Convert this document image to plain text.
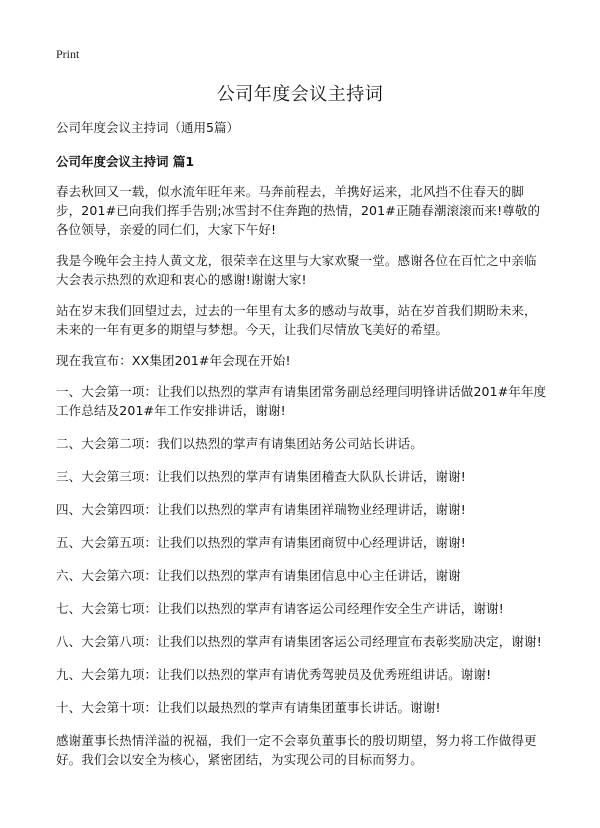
Print
公司年度会议主持词

公司年度会议主持词（通用5篇）

公司年度会议主持词 篇1

春去秋回又一载，似水流年旺年来。马奔前程去，羊携好运来，北风挡不住春天的脚步，201#已向我们挥手告别;冰雪封不住奔跑的热情，201#正随春潮滚滚而来!尊敬的各位领导，亲爱的同仁们，大家下午好!

我是今晚年会主持人黄文龙，很荣幸在这里与大家欢聚一堂。感谢各位在百忙之中亲临大会表示热烈的欢迎和衷心的感谢!谢谢大家!

站在岁末我们回望过去，过去的一年里有太多的感动与故事，站在岁首我们期盼未来，未来的一年有更多的期望与梦想。今天，让我们尽情放飞美好的希望。

现在我宣布：XX集团201#年会现在开始!

一、大会第一项：让我们以热烈的掌声有请集团常务副总经理闫明锋讲话做201#年年度工作总结及201#年工作安排讲话，谢谢!

二、大会第二项：我们以热烈的掌声有请集团站务公司站长讲话。

三、大会第三项：让我们以热烈的掌声有请集团稽查大队队长讲话，谢谢!

四、大会第四项：让我们以热烈的掌声有请集团祥瑞物业经理讲话，谢谢!

五、大会第五项：让我们以热烈的掌声有请集团商贸中心经理讲话，谢谢!

六、大会第六项：让我们以热烈的掌声有请集团信息中心主任讲话，谢谢

七、大会第七项：让我们以热烈的掌声有请客运公司经理作安全生产讲话，谢谢!

八、大会第八项：让我们以热烈的掌声有请集团客运公司经理宣布表彰奖励决定，谢谢!

九、大会第九项：让我们以热烈的掌声有请优秀驾驶员及优秀班组讲话。谢谢!

十、大会第十项：让我们以最热烈的掌声有请集团董事长讲话。谢谢!

感谢董事长热情洋溢的祝福，我们一定不会辜负董事长的殷切期望，努力将工作做得更好。我们会以安全为核心，紧密团结，为实现公司的目标而努力。
